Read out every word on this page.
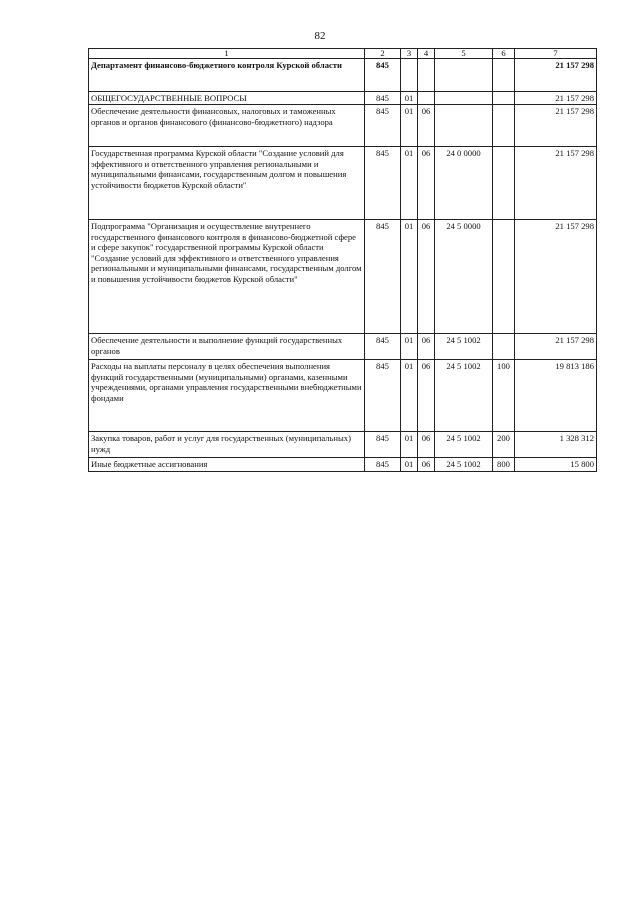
82
1	2	3	4	5	6	7
Департамент финансово-бюджетного контроля Курской области	845					21 157 298
ОБЩЕГОСУДАРСТВЕННЫЕ ВОПРОСЫ	845	01				21 157 298
Обеспечение деятельности финансовых, налоговых и таможенных органов и органов финансового (финансово-бюджетного) надзора	845	01	06			21 157 298
Государственная программа Курской области "Создание условий для эффективного и ответственного управления региональными и муниципальными финансами, государственным долгом и повышения устойчивости бюджетов Курской области"	845	01	06	24 0 0000		21 157 298
Подпрограмма "Организация и осуществление внутреннего государственного финансового контроля в финансово-бюджетной сфере и сфере закупок" государственной программы Курской области "Создание условий для эффективного и ответственного управления региональными и муниципальными финансами, государственным долгом и повышения устойчивости бюджетов Курской области"	845	01	06	24 5 0000		21 157 298
Обеспечение деятельности и выполнение функций государственных органов	845	01	06	24 5 1002		21 157 298
Расходы на выплаты персоналу в целях обеспечения выполнения функций государственными (муниципальными) органами, казенными учреждениями, органами управления государственными внебюджетными фондами	845	01	06	24 5 1002	100	19 813 186
Закупка товаров, работ и услуг для государственных (муниципальных) нужд	845	01	06	24 5 1002	200	1 328 312
Иные бюджетные ассигнования	845	01	06	24 5 1002	800	15 800
